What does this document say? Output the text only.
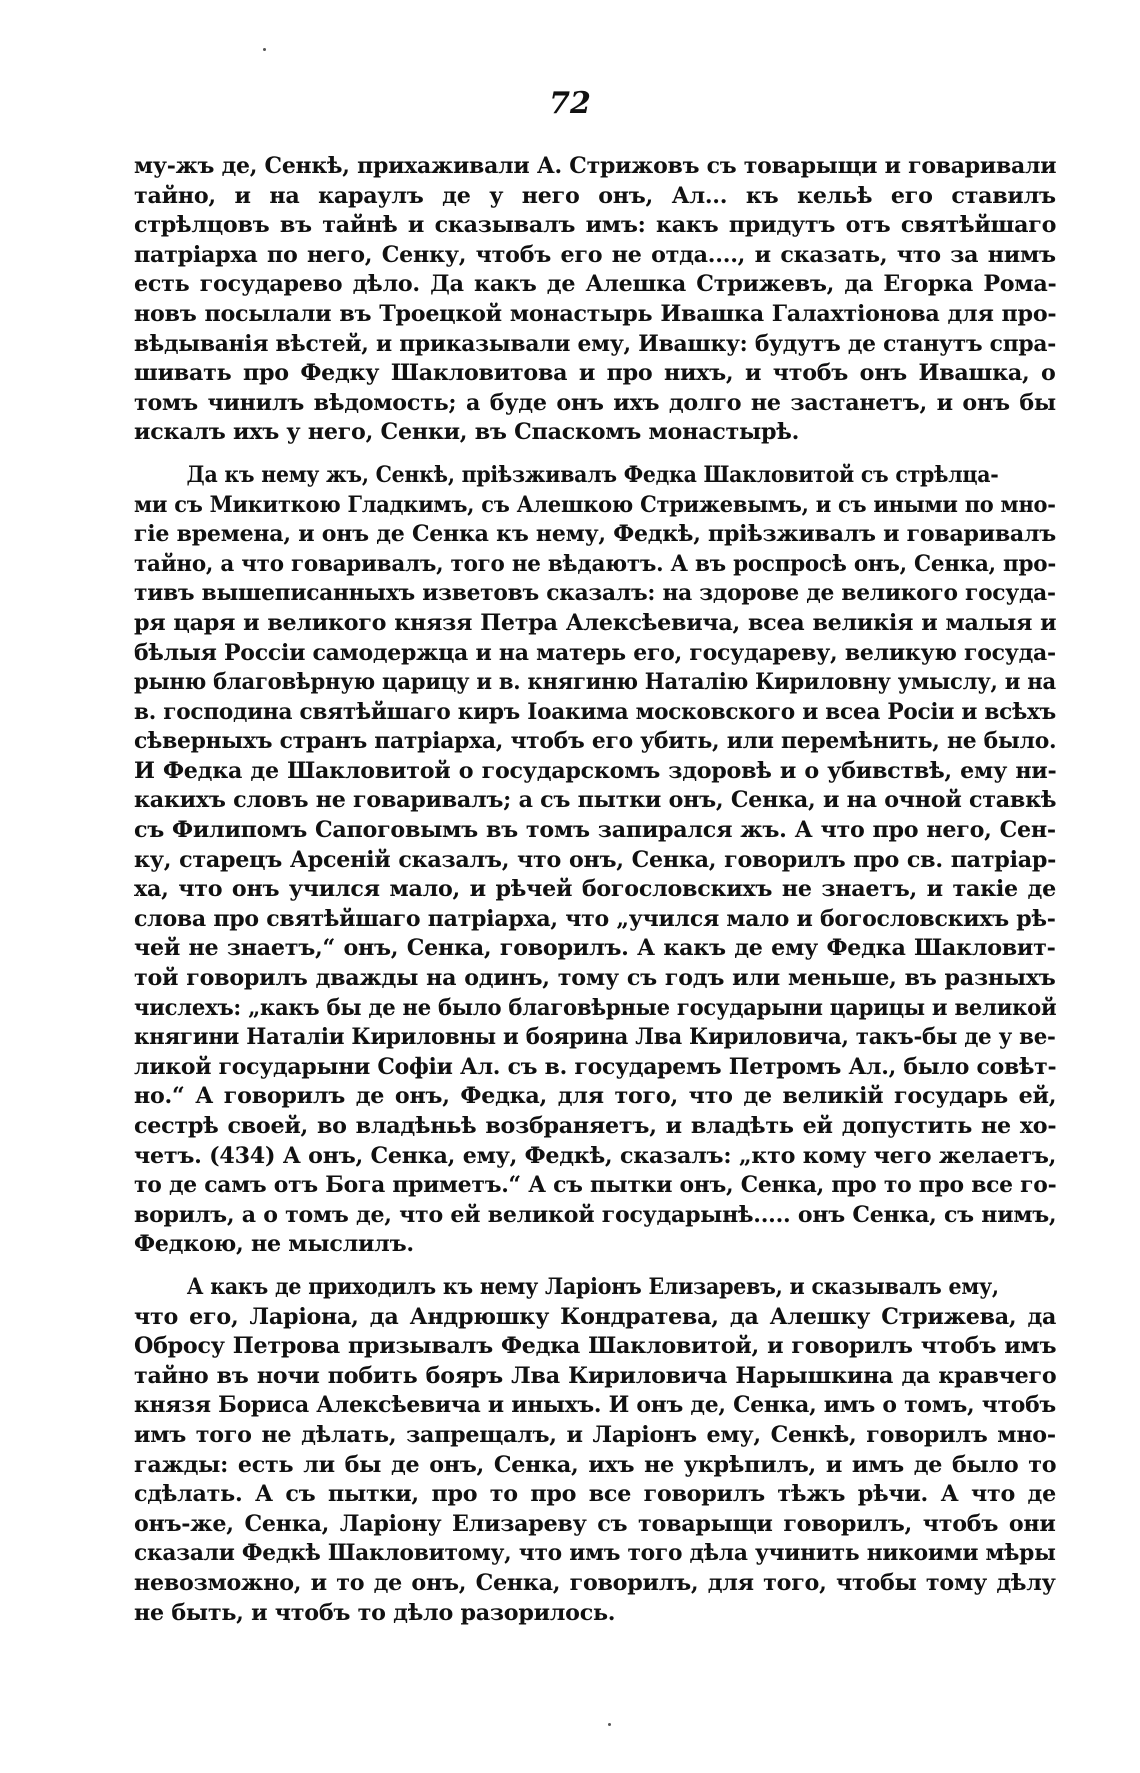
72

му-жъ де, Сенкѣ, прихаживали А. Стрижовъ съ товарыщи и говаривали
тайно, и на караулъ де у него онъ, Ал... къ кельѣ его ставилъ
стрѣлцовъ въ тайнѣ и сказывалъ имъ: какъ придутъ отъ святѣйшаго
патріарха по него, Сенку, чтобъ его не отда...., и сказать, что за нимъ
есть государево дѣло. Да какъ де Алешка Стрижевъ, да Егорка Рома-
новъ посылали въ Троецкой монастырь Ивашка Галахтіонова для про-
вѣдыванія вѣстей, и приказывали ему, Ивашку: будутъ де станутъ спра-
шивать про Федку Шакловитова и про нихъ, и чтобъ онъ Ивашка, о
томъ чинилъ вѣдомость; а буде онъ ихъ долго не застанетъ, и онъ бы
искалъ ихъ у него, Сенки, въ Спаскомъ монастырѣ.

Да къ нему жъ, Сенкѣ, пріѣзживалъ Федка Шакловитой съ стрѣлца-
ми съ Микиткою Гладкимъ, съ Алешкою Стрижевымъ, и съ иными по мно-
гіе времена, и онъ де Сенка къ нему, Федкѣ, пріѣзживалъ и говаривалъ
тайно, а что говаривалъ, того не вѣдаютъ. А въ роспросѣ онъ, Сенка, про-
тивъ вышеписанныхъ изветовъ сказалъ: на здорове де великого госуда-
ря царя и великого князя Петра Алексѣевича, всеа великія и малыя и
бѣлыя Россіи самодержца и на матерь его, государеву, великую госуда-
рыню благовѣрную царицу и в. княгиню Наталію Кириловну умыслу, и на
в. господина святѣйшаго киръ Іоакима московского и всеа Росіи и всѣхъ
сѣверныхъ странъ патріарха, чтобъ его убить, или перемѣнить, не было.
И Федка де Шакловитой о государскомъ здоровѣ и о убивствѣ, ему ни-
какихъ словъ не говаривалъ; а съ пытки онъ, Сенка, и на очной ставкѣ
съ Филипомъ Сапоговымъ въ томъ запирался жъ. А что про него, Сен-
ку, старецъ Арсеній сказалъ, что онъ, Сенка, говорилъ про св. патріар-
ха, что онъ учился мало, и рѣчей богословскихъ не знаетъ, и такіе де
слова про святѣйшаго патріарха, что „учился мало и богословскихъ рѣ-
чей не знаетъ,“ онъ, Сенка, говорилъ. А какъ де ему Федка Шакловит-
той говорилъ дважды на одинъ, тому съ годъ или меньше, въ разныхъ
числехъ: „какъ бы де не было благовѣрные государыни царицы и великой
княгини Наталіи Кириловны и боярина Лва Кириловича, такъ-бы де у ве-
ликой государыни Софіи Ал. съ в. государемъ Петромъ Ал., было совѣт-
но.“ А говорилъ де онъ, Федка, для того, что де великій государь ей,
сестрѣ своей, во владѣньѣ возбраняетъ, и владѣть ей допустить не хо-
четъ. (434) А онъ, Сенка, ему, Федкѣ, сказалъ: „кто кому чего желаетъ,
то де самъ отъ Бога приметъ.“ А съ пытки онъ, Сенка, про то про все го-
ворилъ, а о томъ де, что ей великой государынѣ..... онъ Сенка, съ нимъ,
Федкою, не мыслилъ.

А какъ де приходилъ къ нему Ларіонъ Елизаревъ, и сказывалъ ему,
что его, Ларіона, да Андрюшку Кондратева, да Алешку Стрижева, да
Обросу Петрова призывалъ Федка Шакловитой, и говорилъ чтобъ имъ
тайно въ ночи побить бояръ Лва Кириловича Нарышкина да кравчего
князя Бориса Алексѣевича и иныхъ. И онъ де, Сенка, имъ о томъ, чтобъ
имъ того не дѣлать, запрещалъ, и Ларіонъ ему, Сенкѣ, говорилъ мно-
гажды: есть ли бы де онъ, Сенка, ихъ не укрѣпилъ, и имъ де было то
сдѣлать. А съ пытки, про то про все говорилъ тѣжъ рѣчи. А что де
онъ-же, Сенка, Ларіону Елизареву съ товарыщи говорилъ, чтобъ они
сказали Федкѣ Шакловитому, что имъ того дѣла учинить никоими мѣры
невозможно, и то де онъ, Сенка, говорилъ, для того, чтобы тому дѣлу
не быть, и чтобъ то дѣло разорилось.
